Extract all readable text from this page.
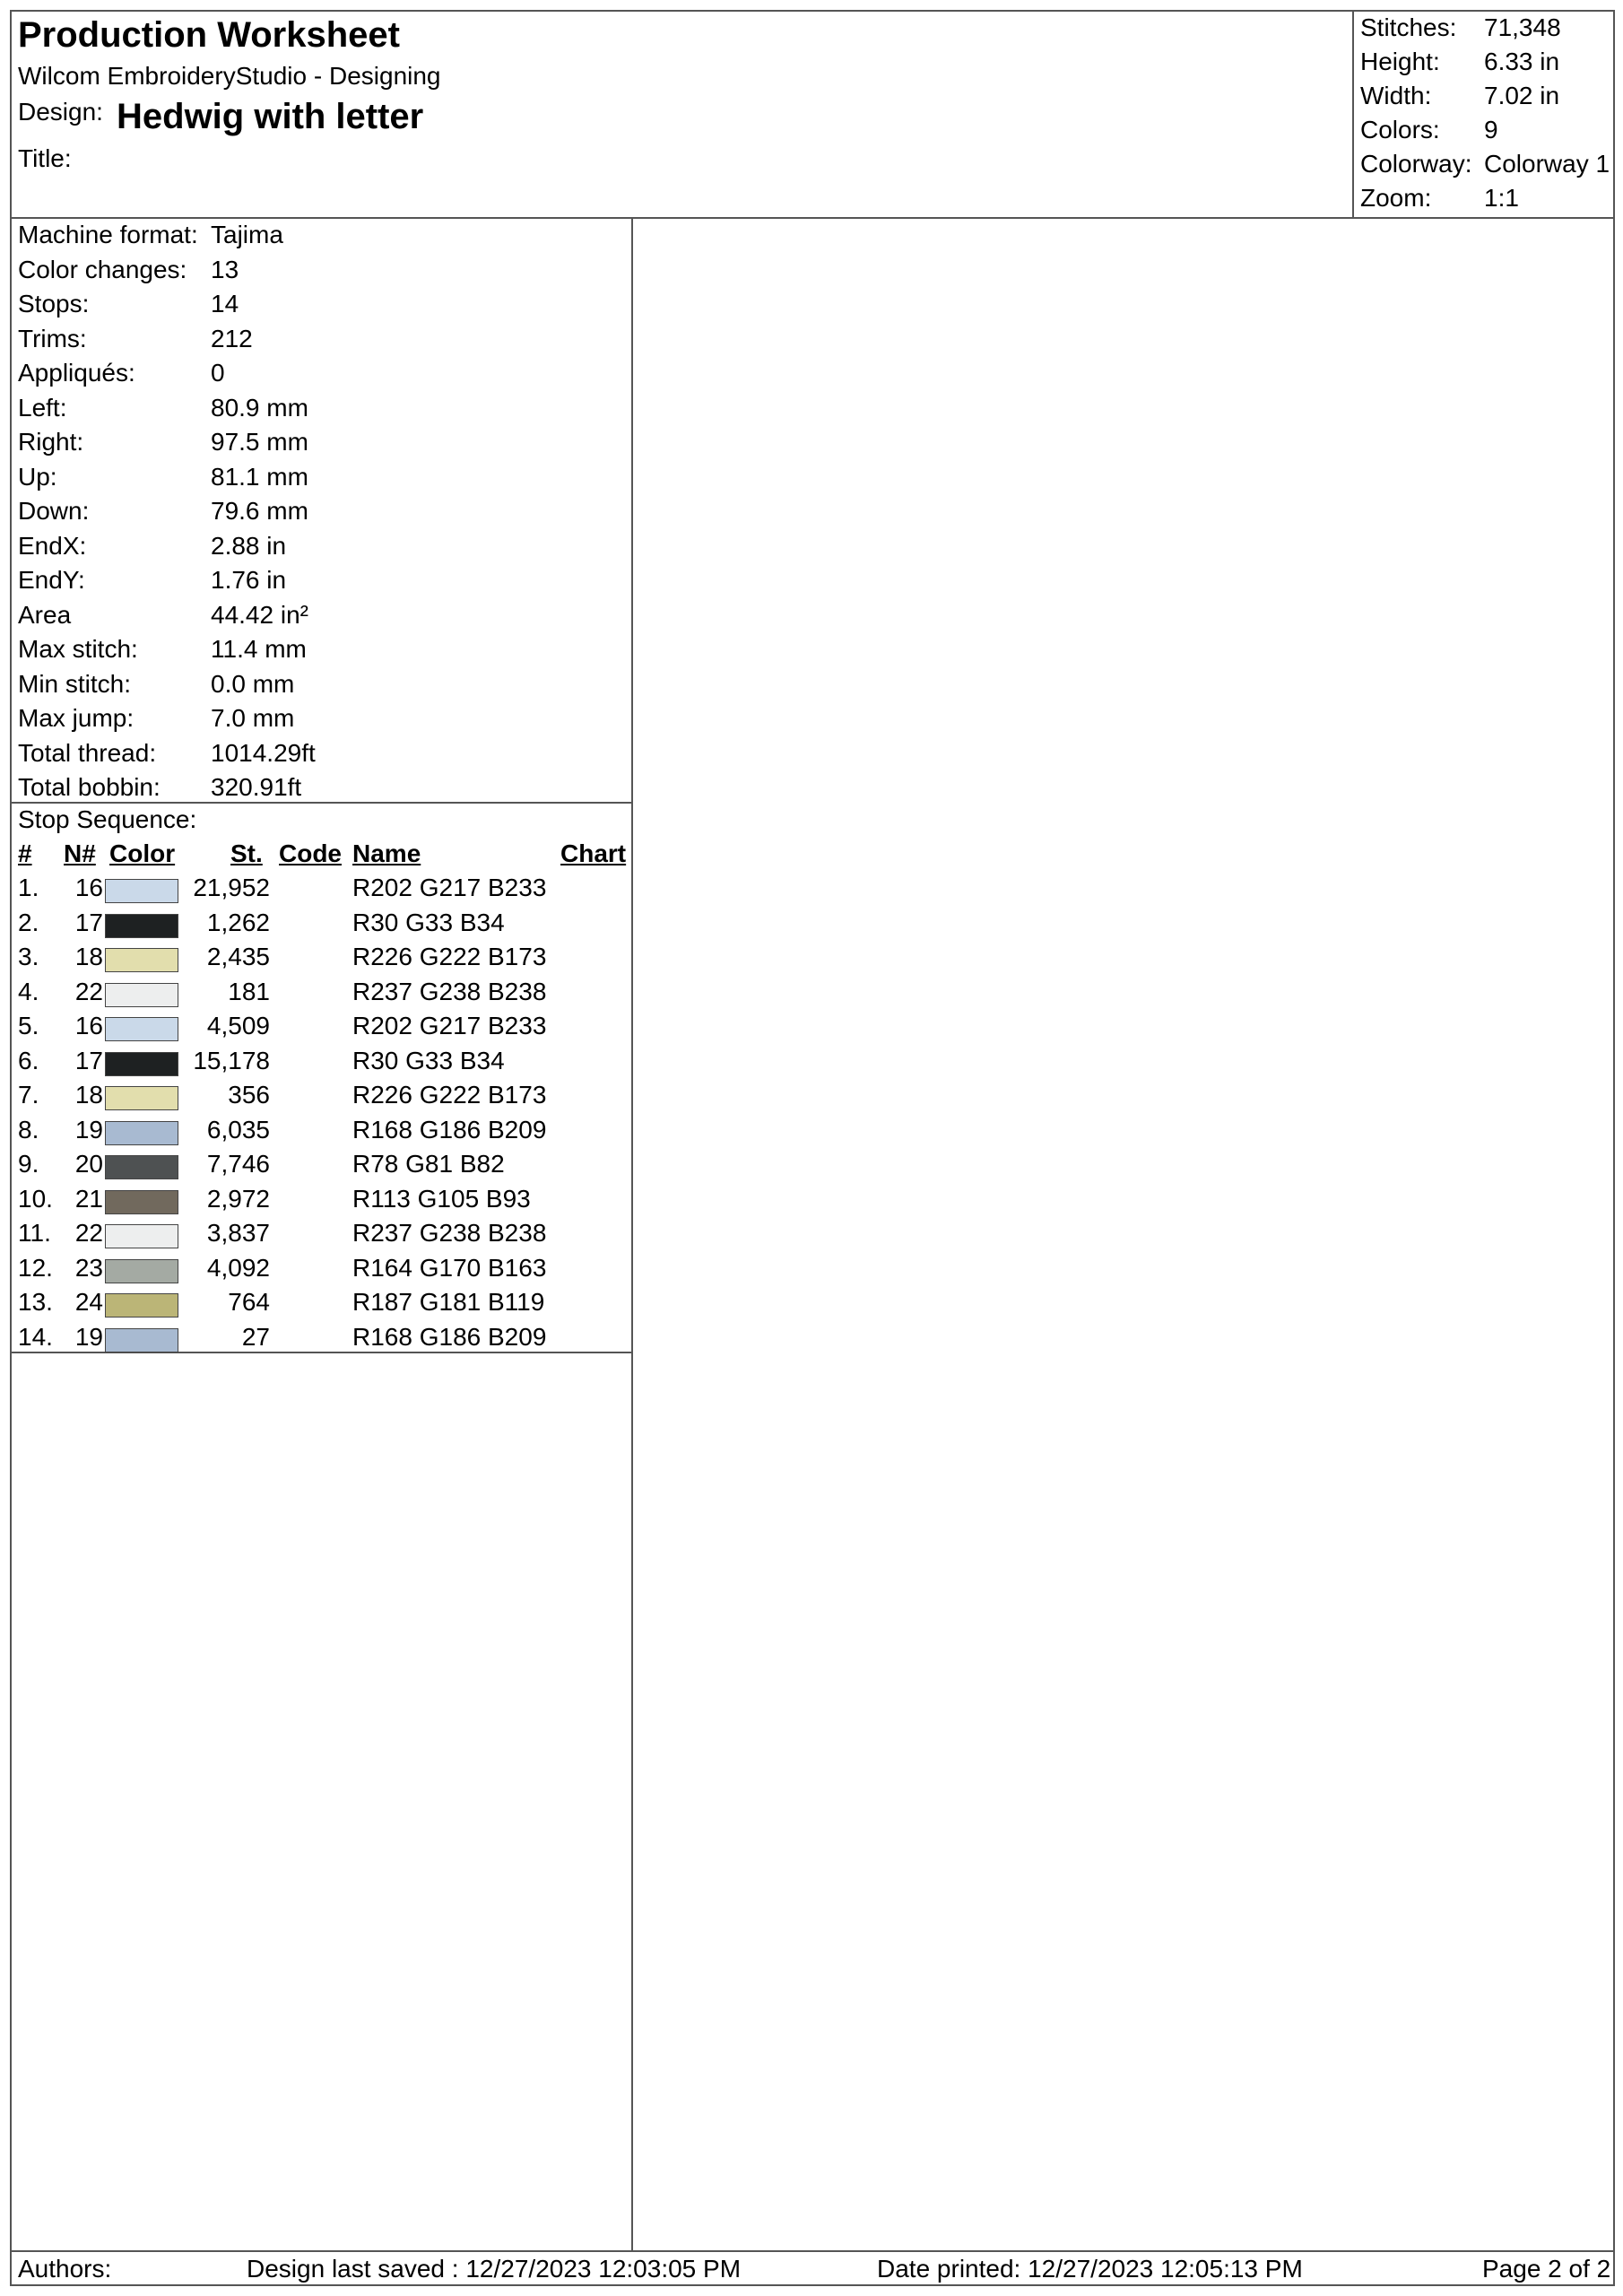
Production Worksheet
Wilcom EmbroideryStudio - Designing
Design: Hedwig with letter
Title:
Stitches: 71,348
Height: 6.33 in
Width: 7.02 in
Colors: 9
Colorway: Colorway 1
Zoom: 1:1
Machine format: Tajima
Color changes: 13
Stops:	14
Trims:	212
Appliqués:	0
Left:	80.9 mm
Right:	97.5 mm
Up:	81.1 mm
Down:	79.6 mm
EndX:	2.88 in
EndY:	1.76 in
Area	44.42 in²
Max stitch:	11.4 mm
Min stitch:	0.0 mm
Max jump:	7.0 mm
Total thread: 1014.29ft
Total bobbin: 320.91ft
Stop Sequence:
# N# Color St. Code Name	Chart
1.	16	21,952	R202 G217 B233
2.	17	1,262	R30 G33 B34
3.	18	2,435	R226 G222 B173
4.	22	181	R237 G238 B238
5.	16	4,509	R202 G217 B233
6.	17	15,178	R30 G33 B34
7.	18	356	R226 G222 B173
8.	19	6,035	R168 G186 B209
9.	20	7,746	R78 G81 B82
10. 21	2,972	R113 G105 B93
11. 22	3,837	R237 G238 B238
12. 23	4,092	R164 G170 B163
13. 24	764	R187 G181 B119
14. 19	27	R168 G186 B209
Authors:	Design last saved : 12/27/2023 12:03:05 PM	Date printed: 12/27/2023 12:05:13 PM	Page 2 of 2
